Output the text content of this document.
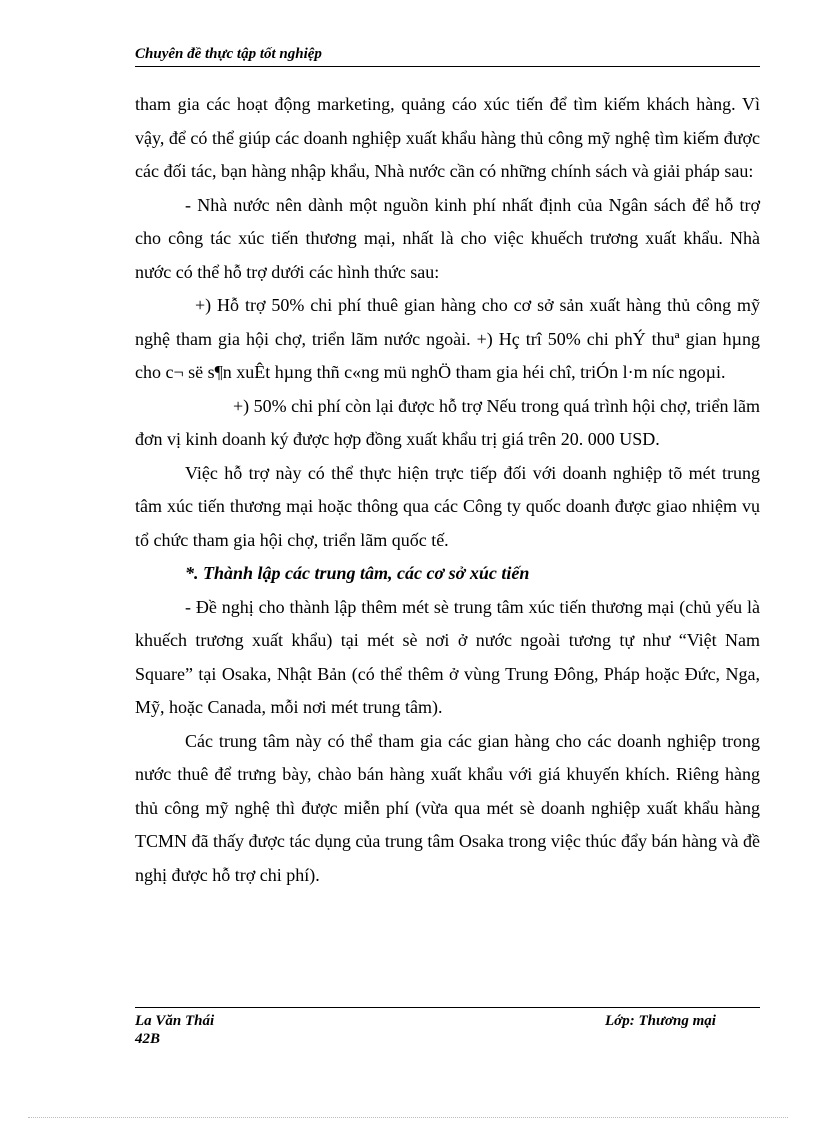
Chuyên đề thực tập tốt nghiệp

tham gia các hoạt động marketing, quảng cáo xúc tiến để tìm kiếm khách hàng. Vì vậy, để có thể giúp các doanh nghiệp xuất khẩu hàng thủ công mỹ nghệ tìm kiếm được các đối tác, bạn hàng nhập khẩu, Nhà nước cần có những chính sách và giải pháp sau:

- Nhà nước nên dành một nguồn kinh phí nhất định của Ngân sách để hỗ trợ cho công tác xúc tiến thương mại, nhất là cho việc khuếch trương xuất khẩu. Nhà nước có thể hỗ trợ dưới các hình thức sau:

+) Hỗ trợ 50% chi phí thuê gian hàng cho cơ sở sản xuất hàng thủ công mỹ nghệ tham gia hội chợ, triển lãm nước ngoài. +) Hç trî 50% chi phÝ thuª gian hµng cho c¬ së s¶n xuÊt hµng thñ c«ng mü nghÖ tham gia héi chî, triÓn l·m níc ngoµi.

+) 50% chi phí còn lại được hỗ trợ Nếu trong quá trình hội chợ, triển lãm đơn vị kinh doanh ký được hợp đồng xuất khẩu trị giá trên 20. 000 USD.

Việc hỗ trợ này có thể thực hiện trực tiếp đối với doanh nghiệp tõ mét trung tâm xúc tiến thương mại hoặc thông qua các Công ty quốc doanh được giao nhiệm vụ tổ chức tham gia hội chợ, triển lãm quốc tế.

*. Thành lập các trung tâm, các cơ sở xúc tiến

- Đề nghị cho thành lập thêm mét sè trung tâm xúc tiến thương mại (chủ yếu là khuếch trương xuất khẩu) tại mét sè nơi ở nước ngoài tương tự như “Việt Nam Square” tại Osaka, Nhật Bản (có thể thêm ở vùng Trung Đông, Pháp hoặc Đức, Nga, Mỹ, hoặc Canada, mỗi nơi mét trung tâm).

Các trung tâm này có thể tham gia các gian hàng cho các doanh nghiệp trong nước thuê để trưng bày, chào bán hàng xuất khẩu với giá khuyến khích. Riêng hàng thủ công mỹ nghệ thì được miễn phí (vừa qua mét sè doanh nghiệp xuất khẩu hàng TCMN đã thấy được tác dụng của trung tâm Osaka trong việc thúc đẩy bán hàng và đề nghị được hỗ trợ chi phí).

La Văn Thái
42B
Lớp: Thương mại
